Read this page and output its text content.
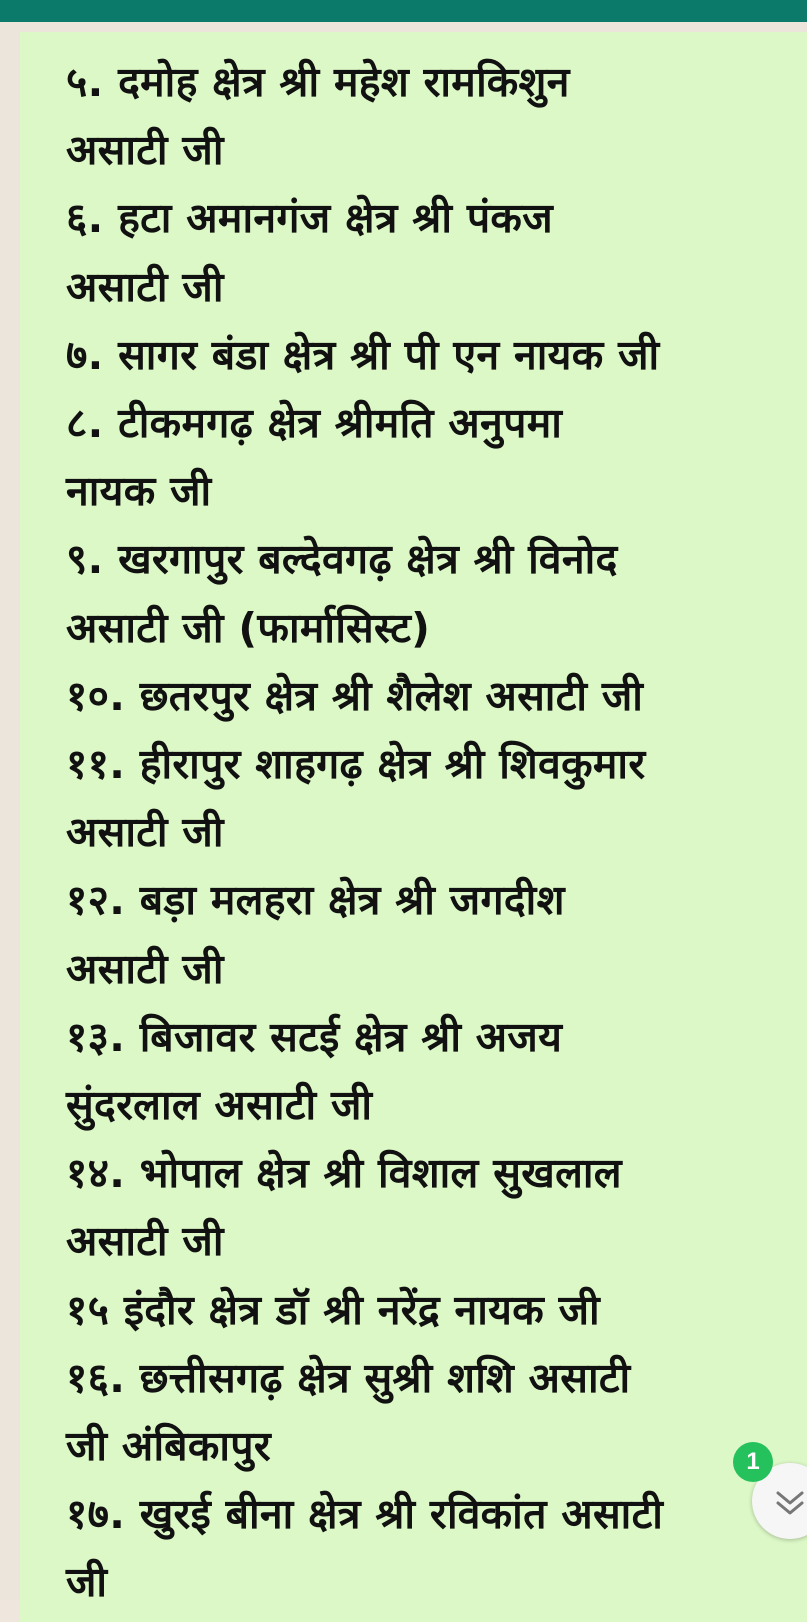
५. दमोह क्षेत्र श्री महेश रामकिशुन
असाटी जी
६. हटा अमानगंज क्षेत्र श्री पंकज
असाटी जी
७. सागर बंडा क्षेत्र श्री पी एन नायक जी
८. टीकमगढ़ क्षेत्र श्रीमति अनुपमा
नायक जी
९. खरगापुर बल्देवगढ़ क्षेत्र श्री विनोद
असाटी जी (फार्मासिस्ट)
१०. छतरपुर क्षेत्र श्री शैलेश असाटी जी
११. हीरापुर शाहगढ़ क्षेत्र श्री शिवकुमार
असाटी जी
१२. बड़ा मलहरा क्षेत्र श्री जगदीश
असाटी जी
१३. बिजावर सटई क्षेत्र श्री अजय
सुंदरलाल असाटी जी
१४. भोपाल क्षेत्र श्री विशाल सुखलाल
असाटी जी
१५ इंदौर क्षेत्र डॉ श्री नरेंद्र नायक जी
१६. छत्तीसगढ़ क्षेत्र सुश्री शशि असाटी
जी अंबिकापुर
१७. खुरई बीना क्षेत्र श्री रविकांत असाटी
जी
1
